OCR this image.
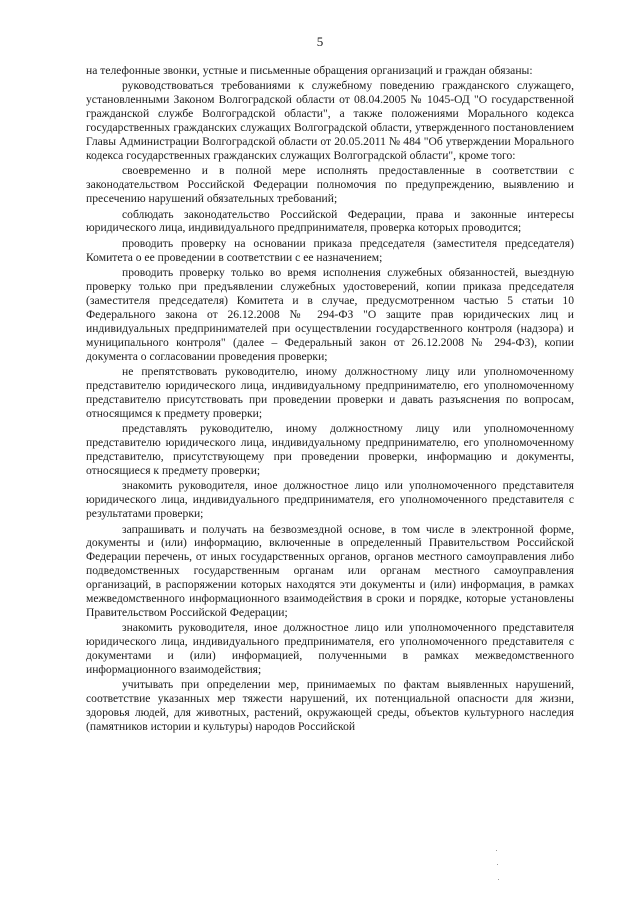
5

на телефонные звонки, устные и письменные обращения организаций и граждан обязаны:

руководствоваться требованиями к служебному поведению гражданского служащего, установленными Законом Волгоградской области от 08.04.2005 № 1045-ОД "О государственной гражданской службе Волгоградской области", а также положениями Морального кодекса государственных гражданских служащих Волгоградской области, утвержденного постановлением Главы Администрации Волгоградской области от 20.05.2011 № 484 "Об утверждении Морального кодекса государственных гражданских служащих Волгоградской области", кроме того:

своевременно и в полной мере исполнять предоставленные в соответствии с законодательством Российской Федерации полномочия по предупреждению, выявлению и пресечению нарушений обязательных требований;

соблюдать законодательство Российской Федерации, права и законные интересы юридического лица, индивидуального предпринимателя, проверка которых проводится;

проводить проверку на основании приказа председателя (заместителя председателя) Комитета о ее проведении в соответствии с ее назначением;

проводить проверку только во время исполнения служебных обязанностей, выездную проверку только при предъявлении служебных удостоверений, копии приказа председателя (заместителя председателя) Комитета и в случае, предусмотренном частью 5 статьи 10 Федерального закона от 26.12.2008 № 294-ФЗ "О защите прав юридических лиц и индивидуальных предпринимателей при осуществлении государственного контроля (надзора) и муниципального контроля" (далее – Федеральный закон от 26.12.2008 № 294-ФЗ), копии документа о согласовании проведения проверки;

не препятствовать руководителю, иному должностному лицу или уполномоченному представителю юридического лица, индивидуальному предпринимателю, его уполномоченному представителю присутствовать при проведении проверки и давать разъяснения по вопросам, относящимся к предмету проверки;

представлять руководителю, иному должностному лицу или уполномоченному представителю юридического лица, индивидуальному предпринимателю, его уполномоченному представителю, присутствующему при проведении проверки, информацию и документы, относящиеся к предмету проверки;

знакомить руководителя, иное должностное лицо или уполномоченного представителя юридического лица, индивидуального предпринимателя, его уполномоченного представителя с результатами проверки;

запрашивать и получать на безвозмездной основе, в том числе в электронной форме, документы и (или) информацию, включенные в определенный Правительством Российской Федерации перечень, от иных государственных органов, органов местного самоуправления либо подведомственных государственным органам или органам местного самоуправления организаций, в распоряжении которых находятся эти документы и (или) информация, в рамках межведомственного информационного взаимодействия в сроки и порядке, которые установлены Правительством Российской Федерации;

знакомить руководителя, иное должностное лицо или уполномоченного представителя юридического лица, индивидуального предпринимателя, его уполномоченного представителя с документами и (или) информацией, полученными в рамках межведомственного информационного взаимодействия;

учитывать при определении мер, принимаемых по фактам выявленных нарушений, соответствие указанных мер тяжести нарушений, их потенциальной опасности для жизни, здоровья людей, для животных, растений, окружающей среды, объектов культурного наследия (памятников истории и культуры) народов Российской
